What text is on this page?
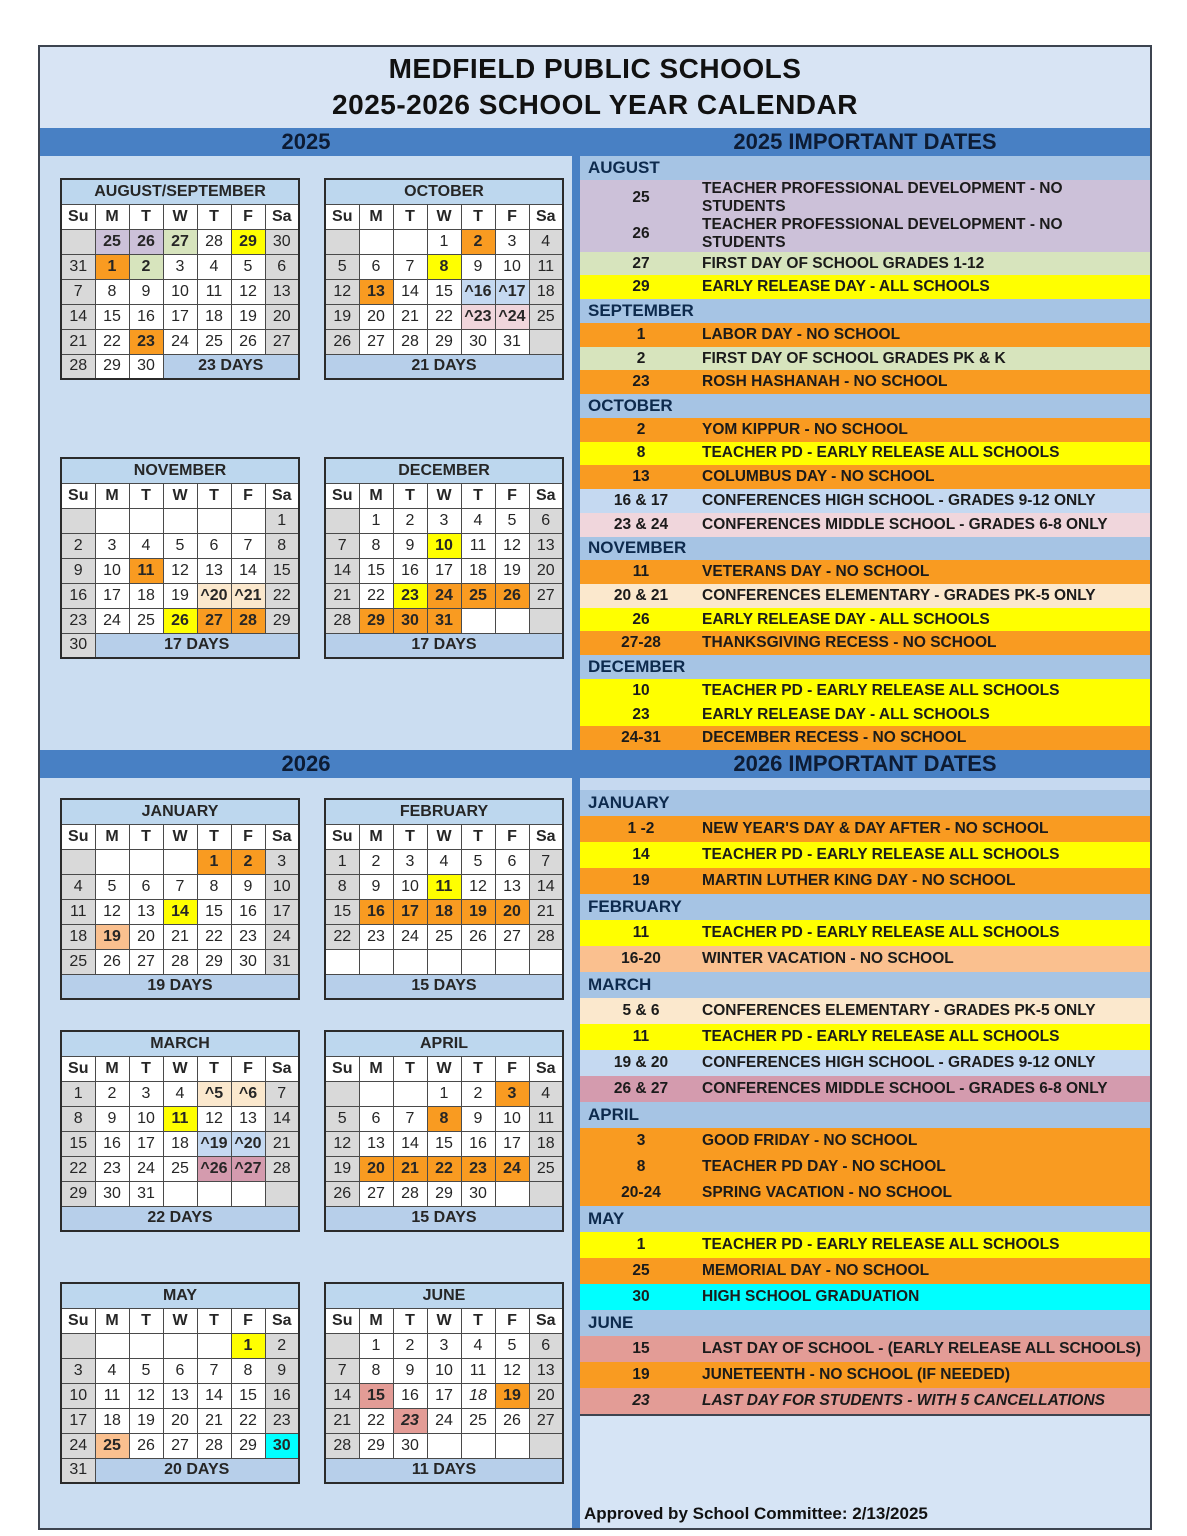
MEDFIELD PUBLIC SCHOOLS
2025-2026 SCHOOL YEAR CALENDAR
2025	2025 IMPORTANT DATES
AUGUST/SEPTEMBER						
Su	M	T	W	T	F	Sa
	25	26	27	28	29	30
31	1	2	3	4	5	6
7	8	9	10	11	12	13
14	15	16	17	18	19	20
21	22	23	24	25	26	27
28	29	30	23 DAYS			
OCTOBER						
Su	M	T	W	T	F	Sa
			1	2	3	4
5	6	7	8	9	10	11
12	13	14	15	^16	^17	18
19	20	21	22	^23	^24	25
26	27	28	29	30	31	
21 DAYS						
NOVEMBER						
Su	M	T	W	T	F	Sa
						1
2	3	4	5	6	7	8
9	10	11	12	13	14	15
16	17	18	19	^20	^21	22
23	24	25	26	27	28	29
30	17 DAYS					
DECEMBER						
Su	M	T	W	T	F	Sa
	1	2	3	4	5	6
7	8	9	10	11	12	13
14	15	16	17	18	19	20
21	22	23	24	25	26	27
28	29	30	31			
17 DAYS						
AUGUST
25
TEACHER PROFESSIONAL DEVELOPMENT - NO STUDENTS
26
TEACHER PROFESSIONAL DEVELOPMENT - NO STUDENTS
27	FIRST DAY OF SCHOOL GRADES 1-12
29	EARLY RELEASE DAY - ALL SCHOOLS
SEPTEMBER
1	LABOR DAY - NO SCHOOL
2	FIRST DAY OF SCHOOL GRADES PK & K
23	ROSH HASHANAH - NO SCHOOL
OCTOBER
2	YOM KIPPUR - NO SCHOOL
8	TEACHER PD - EARLY RELEASE ALL SCHOOLS
13	COLUMBUS DAY - NO SCHOOL
16 & 17	CONFERENCES HIGH SCHOOL - GRADES 9-12 ONLY
23 & 24	CONFERENCES MIDDLE SCHOOL - GRADES 6-8 ONLY
NOVEMBER
11	VETERANS DAY - NO SCHOOL
20 & 21	CONFERENCES ELEMENTARY - GRADES PK-5 ONLY
26	EARLY RELEASE DAY - ALL SCHOOLS
27-28	THANKSGIVING RECESS - NO SCHOOL
DECEMBER
10	TEACHER PD - EARLY RELEASE ALL SCHOOLS
23	EARLY RELEASE DAY - ALL SCHOOLS
24-31	DECEMBER RECESS - NO SCHOOL
2026	2026 IMPORTANT DATES
JANUARY						
Su	M	T	W	T	F	Sa
				1	2	3
4	5	6	7	8	9	10
11	12	13	14	15	16	17
18	19	20	21	22	23	24
25	26	27	28	29	30	31
19 DAYS						
FEBRUARY						
Su	M	T	W	T	F	Sa
1	2	3	4	5	6	7
8	9	10	11	12	13	14
15	16	17	18	19	20	21
22	23	24	25	26	27	28

15 DAYS						
MARCH						
Su	M	T	W	T	F	Sa
1	2	3	4	^5	^6	7
8	9	10	11	12	13	14
15	16	17	18	^19	^20	21
22	23	24	25	^26	^27	28
29	30	31				
22 DAYS						
APRIL						
Su	M	T	W	T	F	Sa
			1	2	3	4
5	6	7	8	9	10	11
12	13	14	15	16	17	18
19	20	21	22	23	24	25
26	27	28	29	30		
15 DAYS						
MAY						
Su	M	T	W	T	F	Sa
					1	2
3	4	5	6	7	8	9
10	11	12	13	14	15	16
17	18	19	20	21	22	23
24	25	26	27	28	29	30
31	20 DAYS					
JUNE						
Su	M	T	W	T	F	Sa
	1	2	3	4	5	6
7	8	9	10	11	12	13
14	15	16	17	18	19	20
21	22	23	24	25	26	27
28	29	30				
11 DAYS						
JANUARY
1 -2	NEW YEAR'S DAY & DAY AFTER - NO SCHOOL
14	TEACHER PD - EARLY RELEASE ALL SCHOOLS
19	MARTIN LUTHER KING DAY - NO SCHOOL
FEBRUARY
11	TEACHER PD - EARLY RELEASE ALL SCHOOLS
16-20	WINTER VACATION - NO SCHOOL
MARCH
5 & 6	CONFERENCES ELEMENTARY - GRADES PK-5 ONLY
11	TEACHER PD - EARLY RELEASE ALL SCHOOLS
19 & 20	CONFERENCES HIGH SCHOOL - GRADES 9-12 ONLY
26 & 27	CONFERENCES MIDDLE SCHOOL - GRADES 6-8 ONLY
APRIL
3	GOOD FRIDAY - NO SCHOOL
8	TEACHER PD DAY - NO SCHOOL
20-24	SPRING VACATION - NO SCHOOL
MAY
1	TEACHER PD - EARLY RELEASE ALL SCHOOLS
25	MEMORIAL DAY - NO SCHOOL
30	HIGH SCHOOL GRADUATION
JUNE
15	LAST DAY OF SCHOOL - (EARLY RELEASE ALL SCHOOLS)
19	JUNETEENTH - NO SCHOOL (IF NEEDED)
23	LAST DAY FOR STUDENTS - WITH 5 CANCELLATIONS
Approved by School Committee: 2/13/2025
